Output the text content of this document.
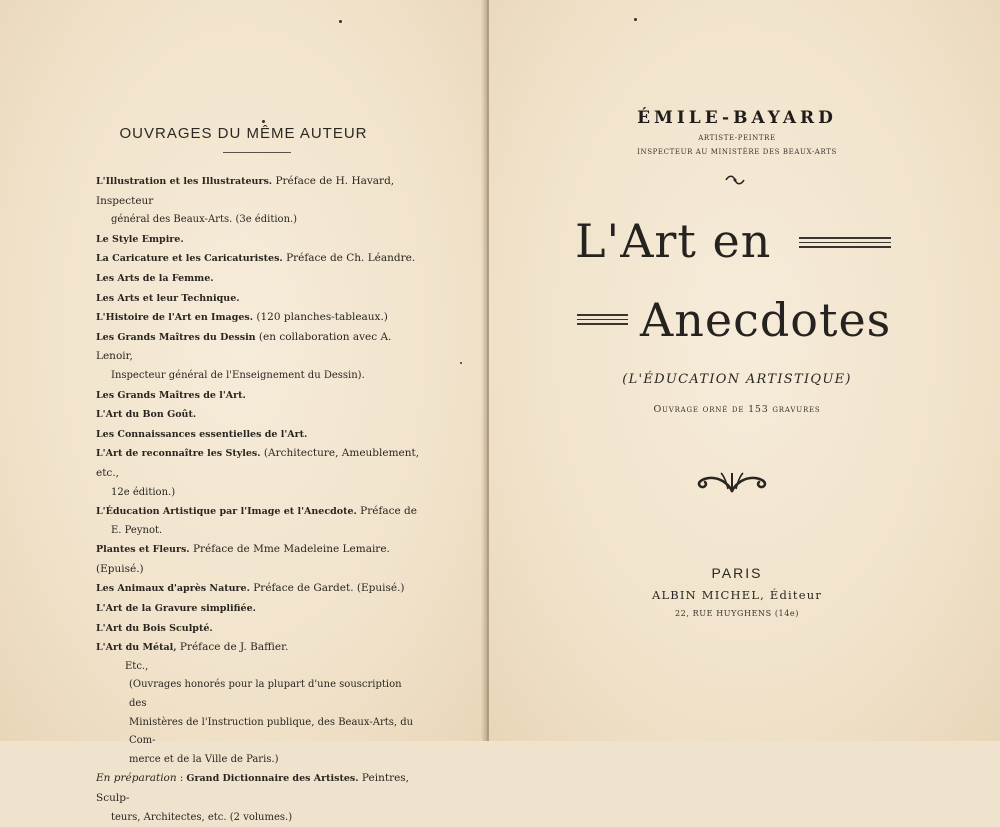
OUVRAGES DU MÊME AUTEUR
L'Illustration et les Illustrateurs. Préface de H. Havard, Inspecteur
général des Beaux-Arts. (3e édition.)
Le Style Empire.
La Caricature et les Caricaturistes. Préface de Ch. Léandre.
Les Arts de la Femme.
Les Arts et leur Technique.
L'Histoire de l'Art en Images. (120 planches-tableaux.)
Les Grands Maîtres du Dessin (en collaboration avec A. Lenoir,
Inspecteur général de l'Enseignement du Dessin).
Les Grands Maîtres de l'Art.
L'Art du Bon Goût.
Les Connaissances essentielles de l'Art.
L'Art de reconnaître les Styles. (Architecture, Ameublement, etc.,
12e édition.)
L'Éducation Artistique par l'Image et l'Anecdote. Préface de
E. Peynot.
Plantes et Fleurs. Préface de Mme Madeleine Lemaire. (Epuisé.)
Les Animaux d'après Nature. Préface de Gardet. (Epuisé.)
L'Art de la Gravure simplifiée.
L'Art du Bois Sculpté.
L'Art du Métal, Préface de J. Baffier.
Etc.,
(Ouvrages honorés pour la plupart d'une souscription des
Ministères de l'Instruction publique, des Beaux-Arts, du Com-
merce et de la Ville de Paris.)
En préparation : Grand Dictionnaire des Artistes. Peintres, Sculp-
teurs, Architectes, etc. (2 volumes.)
ÉMILE-BAYARD
ARTISTE-PEINTRE
INSPECTEUR AU MINISTÈRE DES BEAUX-ARTS
L'Art en
Anecdotes
(L'ÉDUCATION ARTISTIQUE)
Ouvrage orné de 153 gravures
PARIS
ALBIN MICHEL, Éditeur
22, RUE HUYGHENS (14e)
